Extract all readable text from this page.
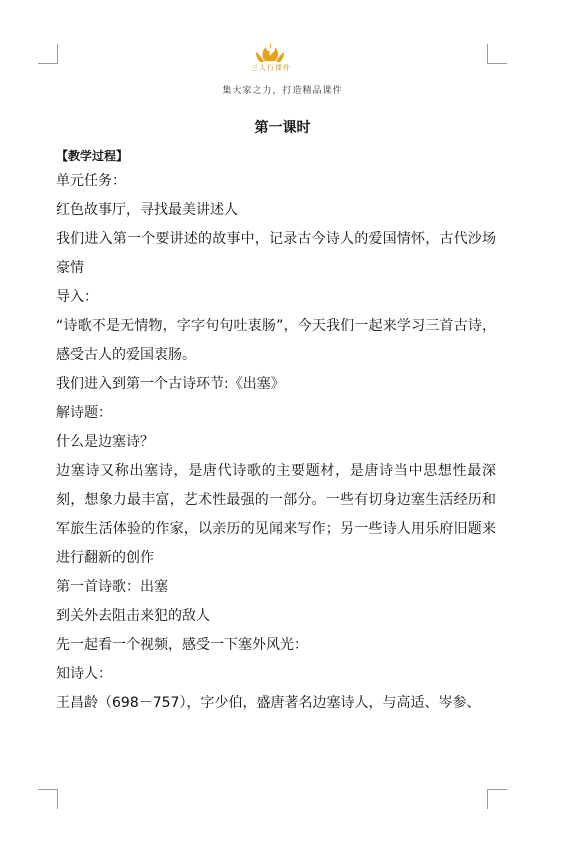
三人行课件
集大家之力，打造精品课件
第一课时
【教学过程】

单元任务：

红色故事厅，寻找最美讲述人

我们进入第一个要讲述的故事中，记录古今诗人的爱国情怀，古代沙场豪情

导入：

“诗歌不是无情物，字字句句吐衷肠”，今天我们一起来学习三首古诗，感受古人的爱国衷肠。

我们进入到第一个古诗环节:《出塞》

解诗题：

什么是边塞诗？

边塞诗又称出塞诗，是唐代诗歌的主要题材，是唐诗当中思想性最深刻，想象力最丰富，艺术性最强的一部分。一些有切身边塞生活经历和军旅生活体验的作家，以亲历的见闻来写作；另一些诗人用乐府旧题来进行翻新的创作

第一首诗歌：出塞

到关外去阻击来犯的敌人

先一起看一个视频，感受一下塞外风光：

知诗人：

王昌龄（698－757），字少伯，盛唐著名边塞诗人，与高适、岑参、
